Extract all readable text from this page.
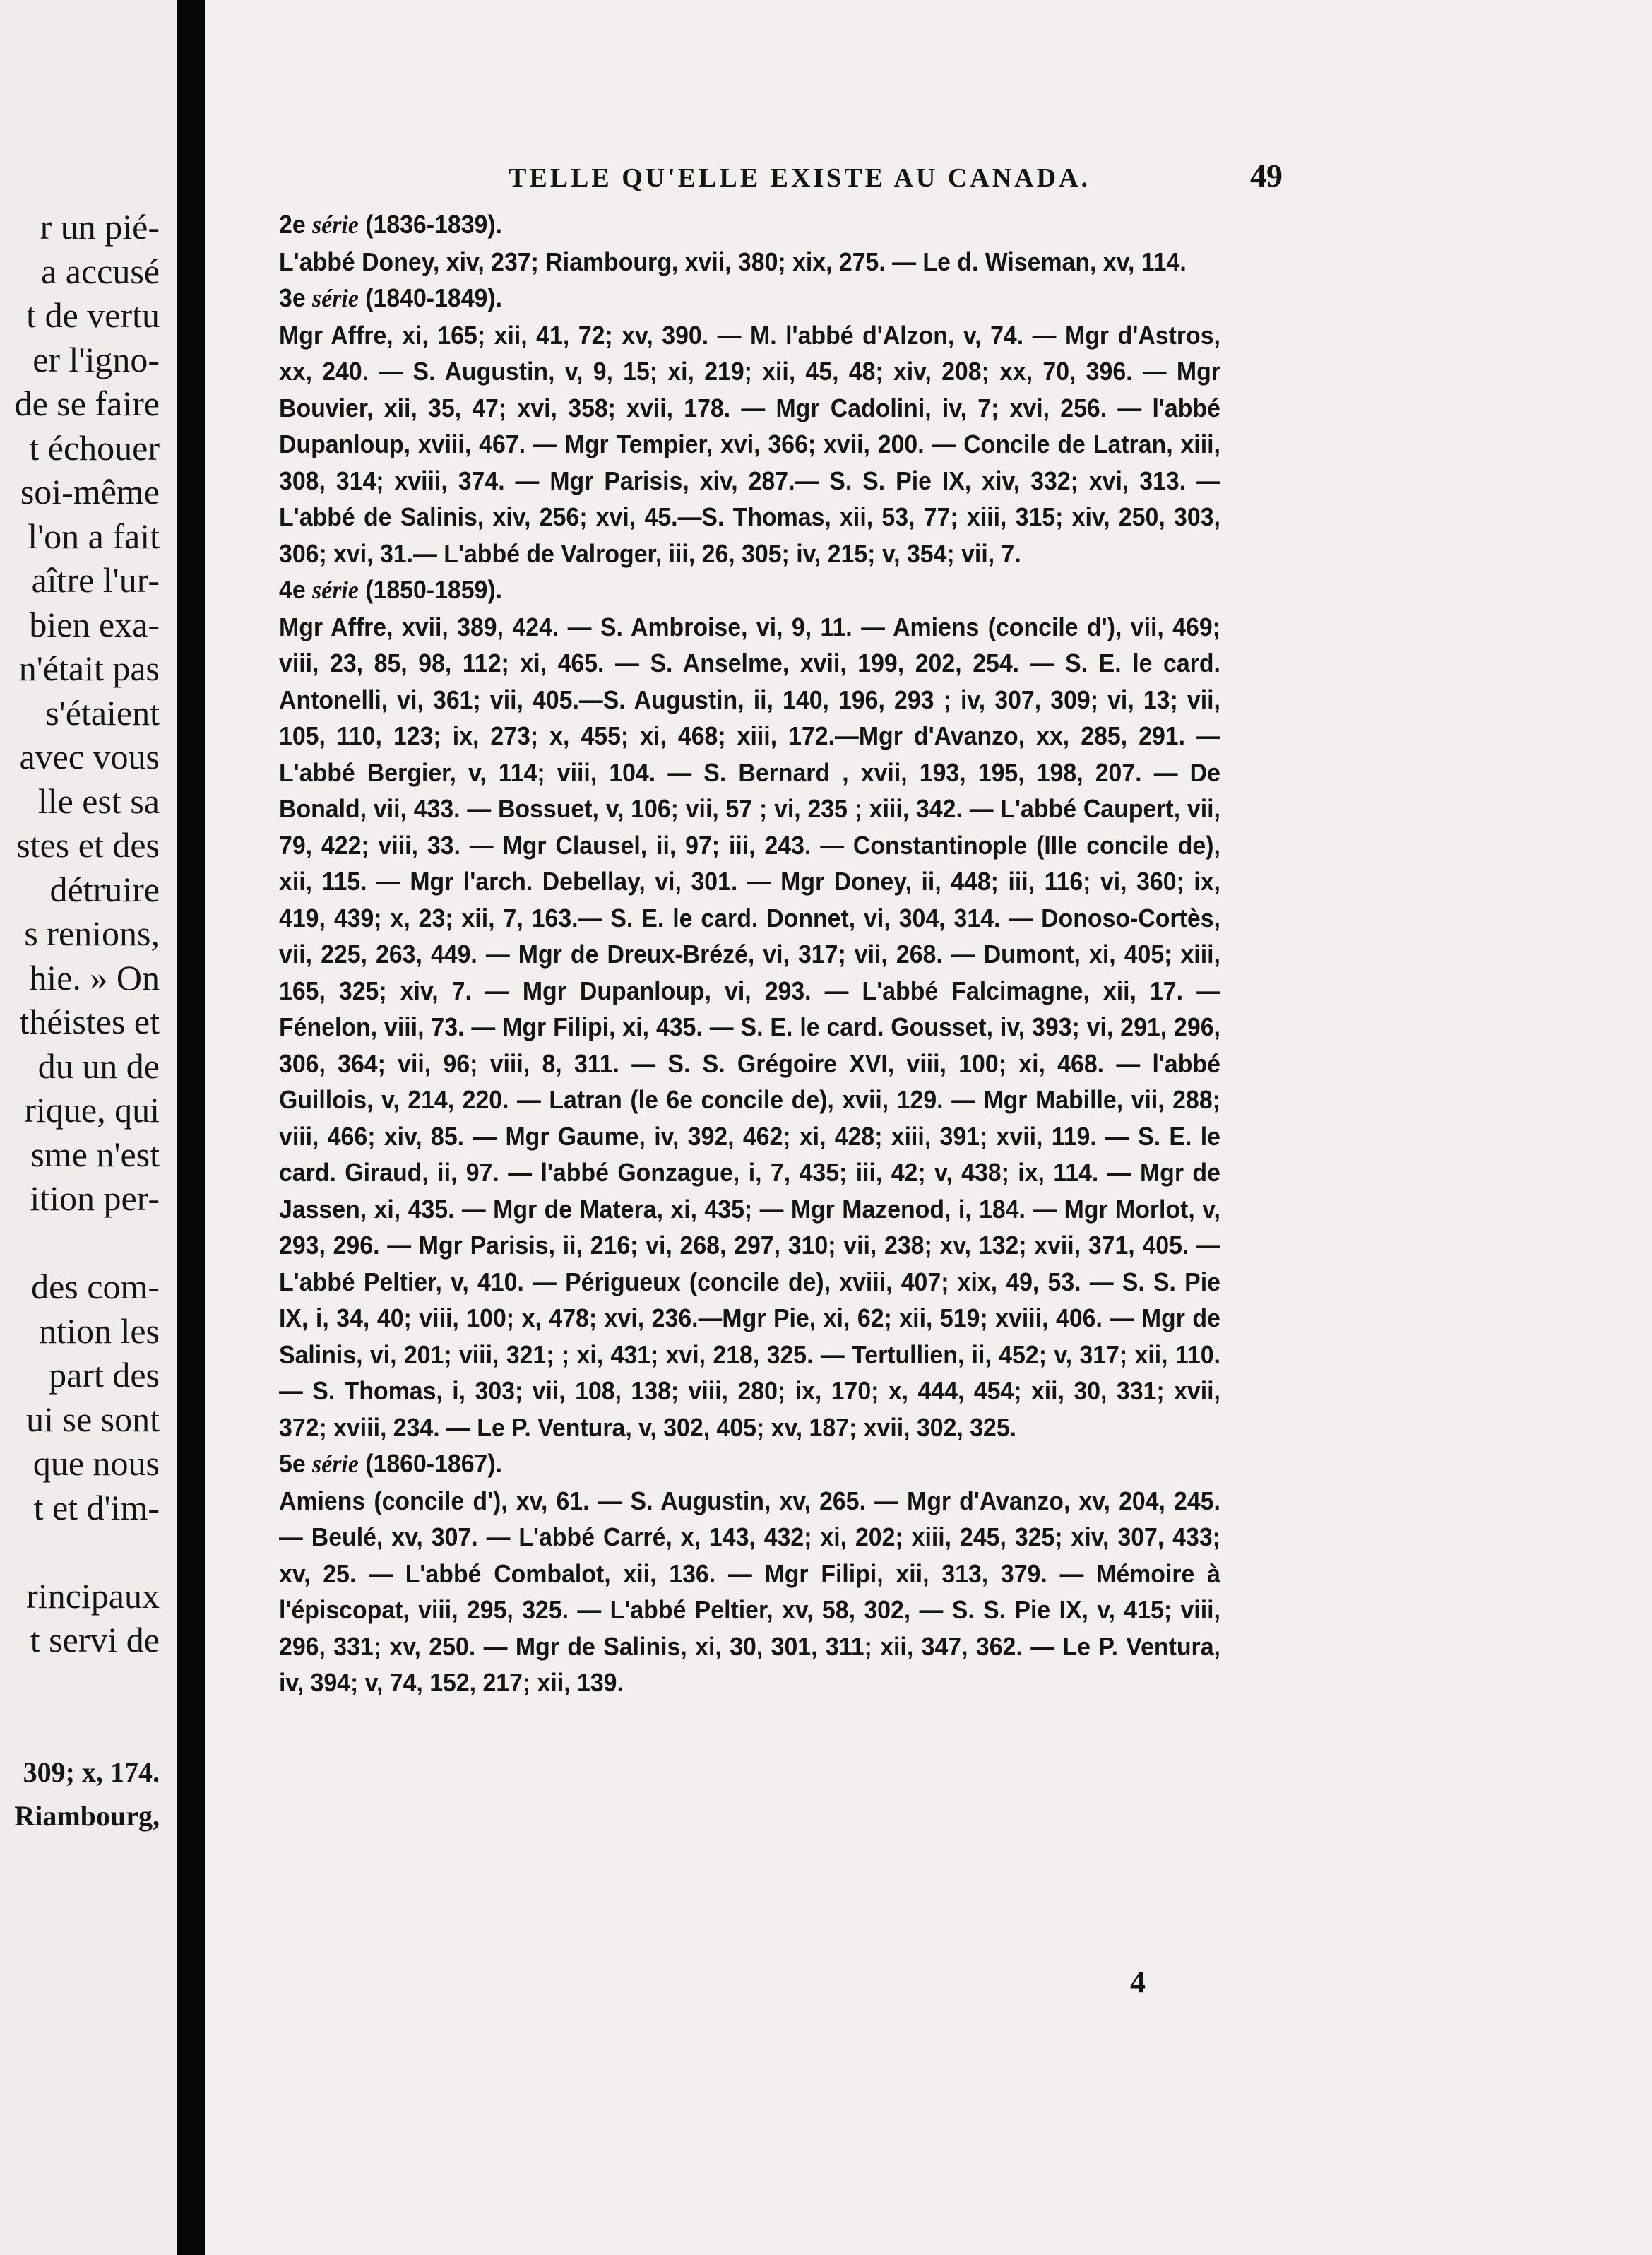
r un pié-
a accusé
t de vertu
er l'igno-
de se faire
t échouer
soi-même
l'on a fait
aître l'ur-
bien exa-
n'était pas
s'étaient
avec vous
lle est sa
stes et des
détruire
s renions,
hie. » On
théistes et
du un de
rique, qui
sme n'est
ition per-
des com-
ntion les
part des
ui se sont
que nous
t et d'im-
rincipaux
t servi de
309; x, 174.
Riambourg,
TELLE QU'ELLE EXISTE AU CANADA.	49

2e série (1836-1839).
L'abbé Doney, xiv, 237; Riambourg, xvii, 380; xix, 275. — Le d. Wiseman, xv, 114.

3e série (1840-1849).
Mgr Affre, xi, 165; xii, 41, 72; xv, 390. — M. l'abbé d'Alzon, v, 74. — Mgr d'Astros, xx, 240. — S. Augustin, v, 9, 15; xi, 219; xii, 45, 48; xiv, 208; xx, 70, 396. — Mgr Bouvier, xii, 35, 47; xvi, 358; xvii, 178. — Mgr Cadolini, iv, 7; xvi, 256. — l'abbé Dupanloup, xviii, 467. — Mgr Tempier, xvi, 366; xvii, 200. — Concile de Latran, xiii, 308, 314; xviii, 374. — Mgr Parisis, xiv, 287.— S. S. Pie IX, xiv, 332; xvi, 313. — L'abbé de Salinis, xiv, 256; xvi, 45.—S. Thomas, xii, 53, 77; xiii, 315; xiv, 250, 303, 306; xvi, 31.— L'abbé de Valroger, iii, 26, 305; iv, 215; v, 354; vii, 7.

4e série (1850-1859).
Mgr Affre, xvii, 389, 424. — S. Ambroise, vi, 9, 11. — Amiens (concile d'), vii, 469; viii, 23, 85, 98, 112; xi, 465. — S. Anselme, xvii, 199, 202, 254. — S. E. le card. Antonelli, vi, 361; vii, 405.—S. Augustin, ii, 140, 196, 293 ; iv, 307, 309; vi, 13; vii, 105, 110, 123; ix, 273; x, 455; xi, 468; xiii, 172.—Mgr d'Avanzo, xx, 285, 291. — L'abbé Bergier, v, 114; viii, 104. — S. Bernard , xvii, 193, 195, 198, 207. — De Bonald, vii, 433. — Bossuet, v, 106; vii, 57 ; vi, 235 ; xiii, 342. — L'abbé Caupert, vii, 79, 422; viii, 33. — Mgr Clausel, ii, 97; iii, 243. — Constantinople (IIIe concile de), xii, 115. — Mgr l'arch. Debellay, vi, 301. — Mgr Doney, ii, 448; iii, 116; vi, 360; ix, 419, 439; x, 23; xii, 7, 163.— S. E. le card. Donnet, vi, 304, 314. — Donoso-Cortès, vii, 225, 263, 449. — Mgr de Dreux-Brézé, vi, 317; vii, 268. — Dumont, xi, 405; xiii, 165, 325; xiv, 7. — Mgr Dupanloup, vi, 293. — L'abbé Falcimagne, xii, 17. — Fénelon, viii, 73. — Mgr Filipi, xi, 435. — S. E. le card. Gousset, iv, 393; vi, 291, 296, 306, 364; vii, 96; viii, 8, 311. — S. S. Grégoire XVI, viii, 100; xi, 468. — l'abbé Guillois, v, 214, 220. — Latran (le 6e concile de), xvii, 129. — Mgr Mabille, vii, 288; viii, 466; xiv, 85. — Mgr Gaume, iv, 392, 462; xi, 428; xiii, 391; xvii, 119. — S. E. le card. Giraud, ii, 97. — l'abbé Gonzague, i, 7, 435; iii, 42; v, 438; ix, 114. — Mgr de Jassen, xi, 435. — Mgr de Matera, xi, 435; — Mgr Mazenod, i, 184. — Mgr Morlot, v, 293, 296. — Mgr Parisis, ii, 216; vi, 268, 297, 310; vii, 238; xv, 132; xvii, 371, 405. — L'abbé Peltier, v, 410. — Périgueux (concile de), xviii, 407; xix, 49, 53. — S. S. Pie IX, i, 34, 40; viii, 100; x, 478; xvi, 236.—Mgr Pie, xi, 62; xii, 519; xviii, 406. — Mgr de Salinis, vi, 201; viii, 321; ; xi, 431; xvi, 218, 325. — Tertullien, ii, 452; v, 317; xii, 110. — S. Thomas, i, 303; vii, 108, 138; viii, 280; ix, 170; x, 444, 454; xii, 30, 331; xvii, 372; xviii, 234. — Le P. Ventura, v, 302, 405; xv, 187; xvii, 302, 325.

5e série (1860-1867).
Amiens (concile d'), xv, 61. — S. Augustin, xv, 265. — Mgr d'Avanzo, xv, 204, 245. — Beulé, xv, 307. — L'abbé Carré, x, 143, 432; xi, 202; xiii, 245, 325; xiv, 307, 433; xv, 25. — L'abbé Combalot, xii, 136. — Mgr Filipi, xii, 313, 379. — Mémoire à l'épiscopat, viii, 295, 325. — L'abbé Peltier, xv, 58, 302, — S. S. Pie IX, v, 415; viii, 296, 331; xv, 250. — Mgr de Salinis, xi, 30, 301, 311; xii, 347, 362. — Le P. Ventura, iv, 394; v, 74, 152, 217; xii, 139.

4
